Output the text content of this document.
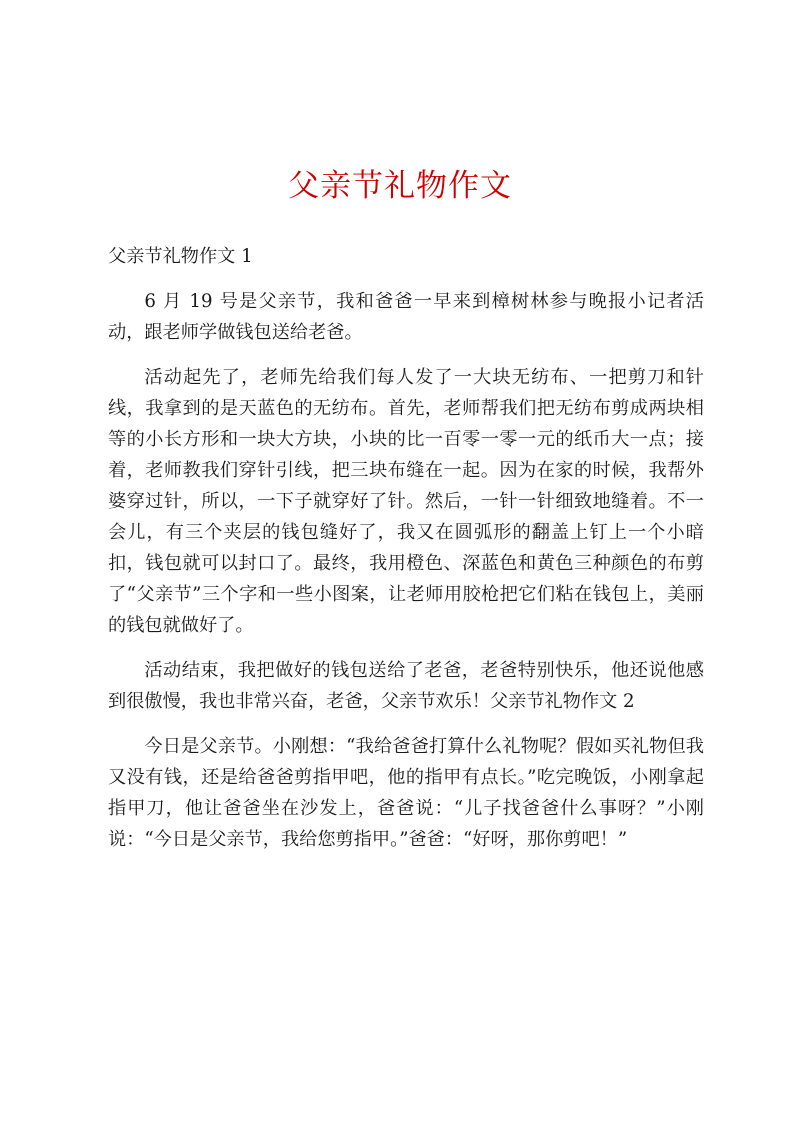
父亲节礼物作文
父亲节礼物作文 1

6 月 19 号是父亲节，我和爸爸一早来到樟树林参与晚报小记者活动，跟老师学做钱包送给老爸。

活动起先了，老师先给我们每人发了一大块无纺布、一把剪刀和针线，我拿到的是天蓝色的无纺布。首先，老师帮我们把无纺布剪成两块相等的小长方形和一块大方块，小块的比一百零一零一元的纸币大一点；接着，老师教我们穿针引线，把三块布缝在一起。因为在家的时候，我帮外婆穿过针，所以，一下子就穿好了针。然后，一针一针细致地缝着。不一会儿，有三个夹层的钱包缝好了，我又在圆弧形的翻盖上钉上一个小暗扣，钱包就可以封口了。最终，我用橙色、深蓝色和黄色三种颜色的布剪了“父亲节”三个字和一些小图案，让老师用胶枪把它们粘在钱包上，美丽的钱包就做好了。

活动结束，我把做好的钱包送给了老爸，老爸特别快乐，他还说他感到很傲慢，我也非常兴奋，老爸，父亲节欢乐！父亲节礼物作文 2

今日是父亲节。小刚想：“我给爸爸打算什么礼物呢？假如买礼物但我又没有钱，还是给爸爸剪指甲吧，他的指甲有点长。”吃完晚饭，小刚拿起指甲刀，他让爸爸坐在沙发上，爸爸说：“儿子找爸爸什么事呀？”小刚说：“今日是父亲节，我给您剪指甲。”爸爸：“好呀，那你剪吧！”
